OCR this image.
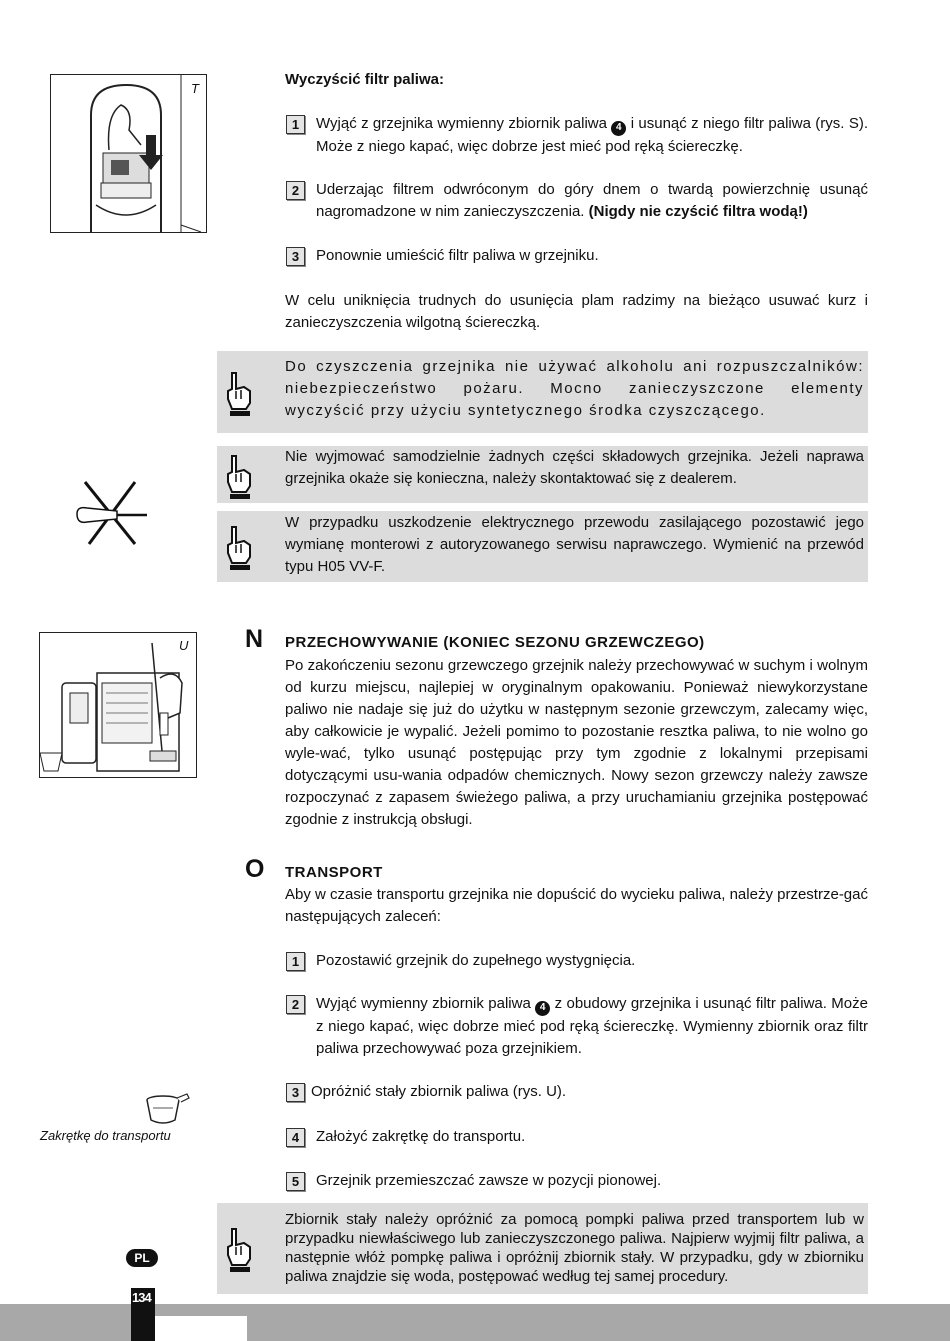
T
Wyczyścić filtr paliwa:
1	Wyjąć z grzejnika wymienny zbiornik paliwa 4 i usunąć z niego filtr paliwa (rys. S). Może z niego kapać, więc dobrze jest mieć pod ręką ściereczkę.
2	Uderzając filtrem odwróconym do góry dnem o twardą powierzchnię usunąć nagromadzone w nim zanieczyszczenia. (Nigdy nie czyścić filtra wodą!)
3	Ponownie umieścić filtr paliwa w grzejniku.

W celu uniknięcia trudnych do usunięcia plam radzimy na bieżąco usuwać kurz i zanieczyszczenia wilgotną ściereczką.

Do czyszczenia grzejnika nie używać alkoholu ani rozpuszczalników: niebezpieczeństwo pożaru. Mocno zanieczyszczone elementy wyczyścić przy użyciu syntetycznego środka czyszczącego.
Nie wyjmować samodzielnie żadnych części składowych grzejnika. Jeżeli naprawa grzejnika okaże się konieczna, należy skontaktować się z dealerem.
W przypadku uszkodzenie elektrycznego przewodu zasilającego pozostawić jego wymianę monterowi z autoryzowanego serwisu naprawczego. Wymienić na przewód typu H05 VV-F.
U N PRZECHOWYWANIE (KONIEC SEZONU GRZEWCZEGO)

Po zakończeniu sezonu grzewczego grzejnik należy przechowywać w suchym i wolnym od kurzu miejscu, najlepiej w oryginalnym opakowaniu. Ponieważ niewykorzystane paliwo nie nadaje się już do użytku w następnym sezonie grzewczym, zalecamy więc, aby całkowicie je wypalić. Jeżeli pomimo to pozostanie resztka paliwa, to nie wolno go wyle-wać, tylko usunąć postępując przy tym zgodnie z lokalnymi przepisami dotyczącymi usu-wania odpadów chemicznych. Nowy sezon grzewczy należy zawsze rozpoczynać z zapasem świeżego paliwa, a przy uruchamianiu grzejnika postępować zgodnie z instrukcją obsługi.

O TRANSPORT

Aby w czasie transportu grzejnika nie dopuścić do wycieku paliwa, należy przestrze-gać następujących zaleceń:

1	Pozostawić grzejnik do zupełnego wystygnięcia.
2	Wyjąć wymienny zbiornik paliwa 4 z obudowy grzejnika i usunąć filtr paliwa. Może z niego kapać, więc dobrze mieć pod ręką ściereczkę. Wymienny zbiornik oraz filtr paliwa przechowywać poza grzejnikiem.
3 Opróżnić stały zbiornik paliwa (rys. U).
4	Założyć zakrętkę do transportu.
5	Grzejnik przemieszczać zawsze w pozycji pionowej.
Zakrętkę do transportu
Zbiornik stały należy opróżnić za pomocą pompki paliwa przed transportem lub w przypadku niewłaściwego lub zanieczyszczonego paliwa. Najpierw wyjmij filtr paliwa, a następnie włóż pompkę paliwa i opróżnij zbiornik stały. W przypadku, gdy w zbiorniku paliwa znajdzie się woda, postępować według tej samej procedury.
PL
134
